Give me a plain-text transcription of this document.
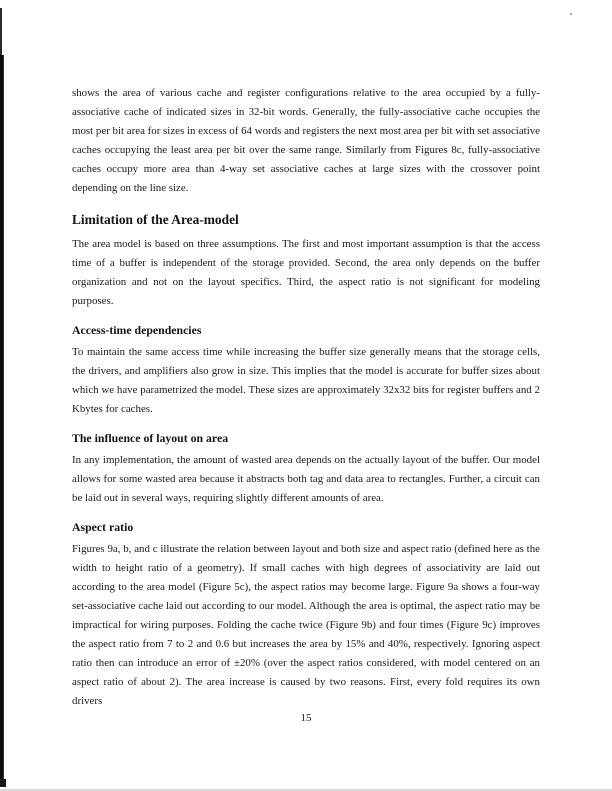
shows the area of various cache and register configurations relative to the area occupied by a fully-associative cache of indicated sizes in 32-bit words. Generally, the fully-associative cache occupies the most per bit area for sizes in excess of 64 words and registers the next most area per bit with set associative caches occupying the least area per bit over the same range. Similarly from Figures 8c, fully-associative caches occupy more area than 4-way set associative caches at large sizes with the crossover point depending on the line size.

Limitation of the Area-model

The area model is based on three assumptions. The first and most important assumption is that the access time of a buffer is independent of the storage provided. Second, the area only depends on the buffer organization and not on the layout specifics. Third, the aspect ratio is not significant for modeling purposes.

Access-time dependencies

To maintain the same access time while increasing the buffer size generally means that the storage cells, the drivers, and amplifiers also grow in size. This implies that the model is accurate for buffer sizes about which we have parametrized the model. These sizes are approximately 32x32 bits for register buffers and 2 Kbytes for caches.

The influence of layout on area

In any implementation, the amount of wasted area depends on the actually layout of the buffer. Our model allows for some wasted area because it abstracts both tag and data area to rectangles. Further, a circuit can be laid out in several ways, requiring slightly different amounts of area.

Aspect ratio

Figures 9a, b, and c illustrate the relation between layout and both size and aspect ratio (defined here as the width to height ratio of a geometry). If small caches with high degrees of associativity are laid out according to the area model (Figure 5c), the aspect ratios may become large. Figure 9a shows a four-way set-associative cache laid out according to our model. Although the area is optimal, the aspect ratio may be impractical for wiring purposes. Folding the cache twice (Figure 9b) and four times (Figure 9c) improves the aspect ratio from 7 to 2 and 0.6 but increases the area by 15% and 40%, respectively. Ignoring aspect ratio then can introduce an error of ±20% (over the aspect ratios considered, with model centered on an aspect ratio of about 2). The area increase is caused by two reasons. First, every fold requires its own drivers

15
